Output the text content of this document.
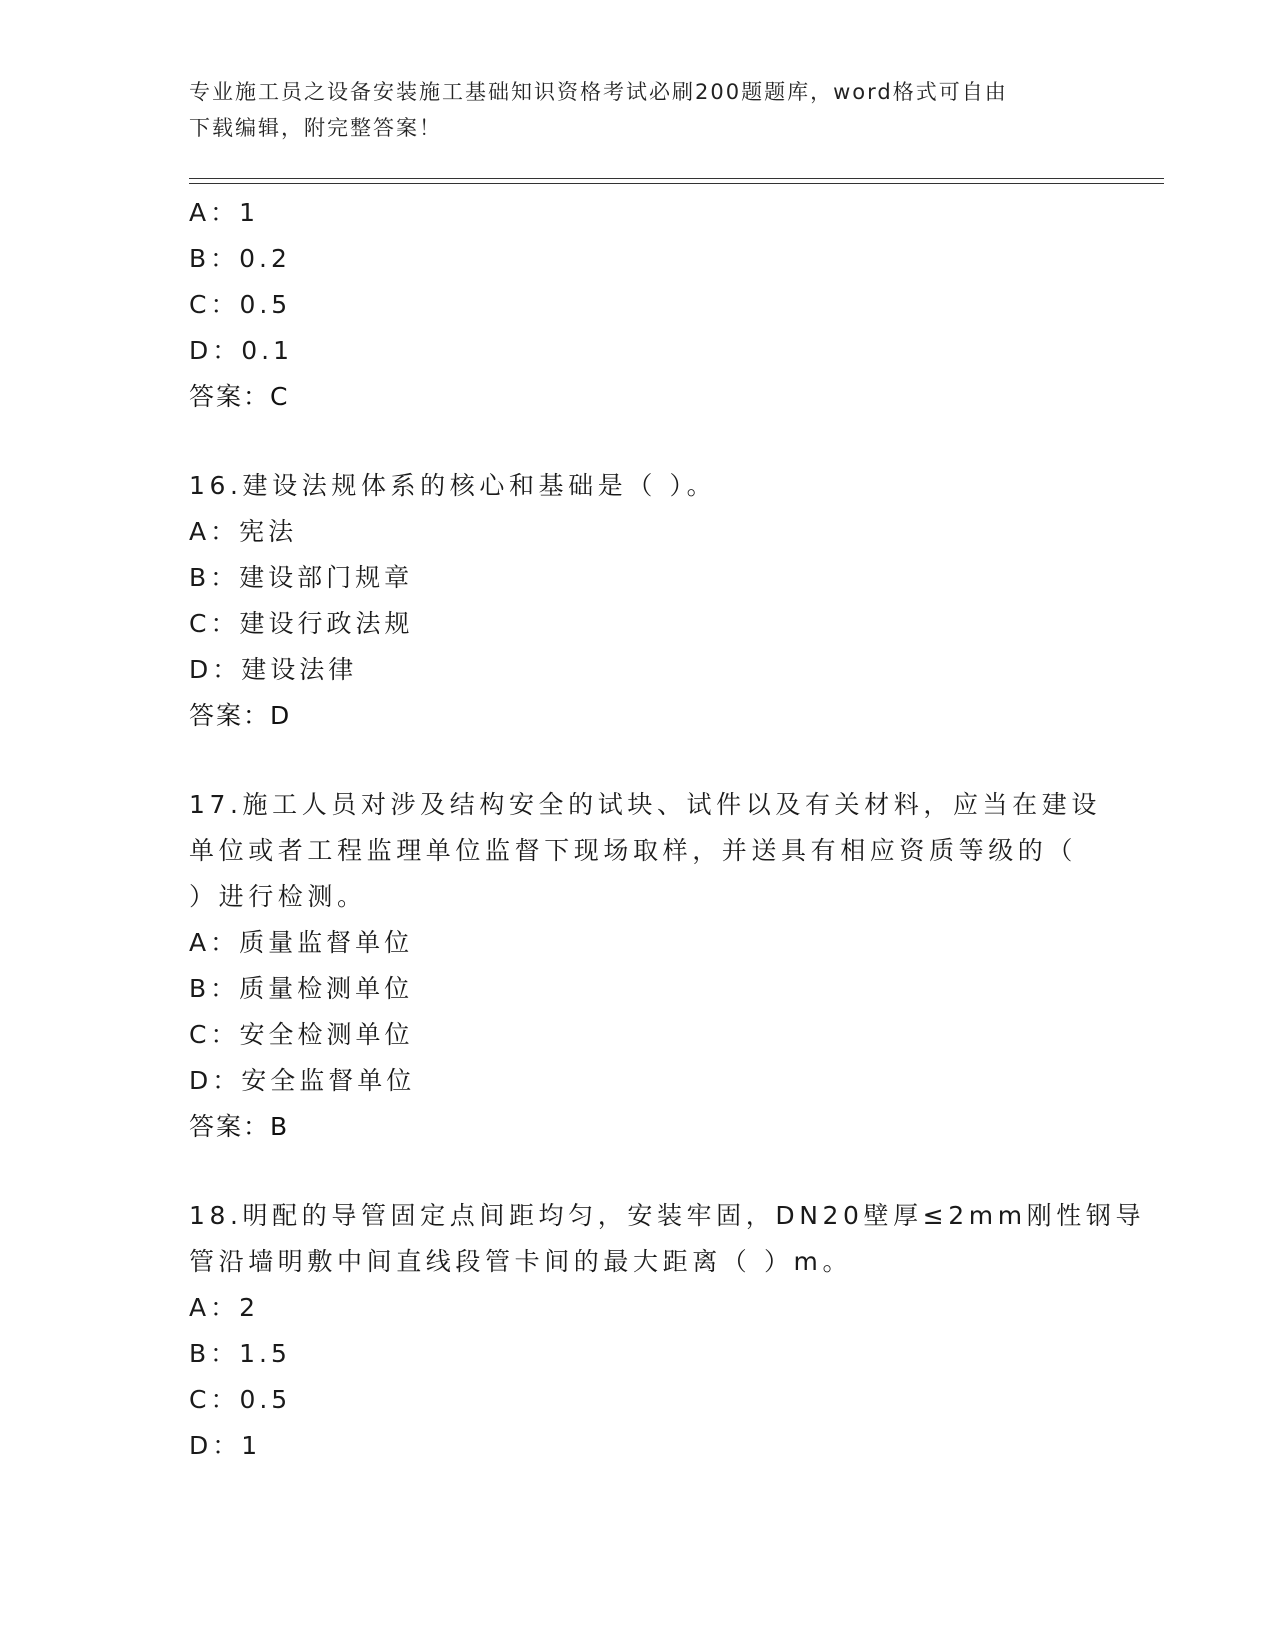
专业施工员之设备安装施工基础知识资格考试必刷200题题库，word格式可自由
下载编辑，附完整答案！
A：1
B：0.2
C：0.5
D：0.1
答案：C
16.建设法规体系的核心和基础是（ ）。
A：宪法
B：建设部门规章
C：建设行政法规
D：建设法律
答案：D
17.施工人员对涉及结构安全的试块、试件以及有关材料，应当在建设
单位或者工程监理单位监督下现场取样，并送具有相应资质等级的（
）进行检测。
A：质量监督单位
B：质量检测单位
C：安全检测单位
D：安全监督单位
答案：B
18.明配的导管固定点间距均匀，安装牢固，DN20壁厚≤2mm刚性钢导
管沿墙明敷中间直线段管卡间的最大距离（ ）m。
A：2
B：1.5
C：0.5
D：1
